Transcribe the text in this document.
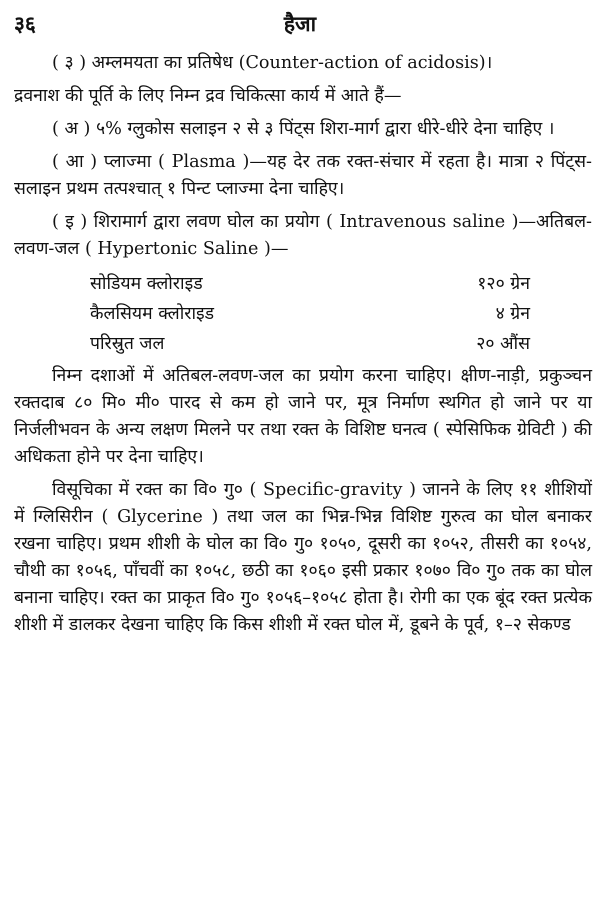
३६	हैजा

( ३ ) अम्लमयता का प्रतिषेध (Counter-action of acidosis)।

द्रवनाश की पूर्ति के लिए निम्न द्रव चिकित्सा कार्य में आते हैं—

( अ ) ५% ग्लुकोस सलाइन २ से ३ पिंट्स शिरा-मार्ग द्वारा धीरे-धीरे देना चाहिए ।

( आ ) प्लाज्मा ( Plasma )—यह देर तक रक्त-संचार में रहता है। मात्रा २ पिंट्स-सलाइन प्रथम तत्पश्चात् १ पिन्ट प्लाज्मा देना चाहिए।

( इ ) शिरामार्ग द्वारा लवण घोल का प्रयोग ( Intravenous saline )—अतिबल-लवण-जल ( Hypertonic Saline )—

सोडियम क्लोराइड	१२० ग्रेन
कैलसियम क्लोराइड	४ ग्रेन
परिस्रुत जल	२० औंस

निम्न दशाओं में अतिबल-लवण-जल का प्रयोग करना चाहिए। क्षीण-नाड़ी, प्रकुञ्चन रक्तदाब ८० मि० मी० पारद से कम हो जाने पर, मूत्र निर्माण स्थगित हो जाने पर या निर्जलीभवन के अन्य लक्षण मिलने पर तथा रक्त के विशिष्ट घनत्व ( स्पेसिफिक ग्रेविटी ) की अधिकता होने पर देना चाहिए।

विसूचिका में रक्त का वि० गु० ( Specific-gravity ) जानने के लिए ११ शीशियों में ग्लिसिरीन ( Glycerine ) तथा जल का भिन्न-भिन्न विशिष्ट गुरुत्व का घोल बनाकर रखना चाहिए। प्रथम शीशी के घोल का वि० गु० १०५०, दूसरी का १०५२, तीसरी का १०५४, चौथी का १०५६, पाँचवीं का १०५८, छठी का १०६० इसी प्रकार १०७० वि० गु० तक का घोल बनाना चाहिए। रक्त का प्राकृत वि० गु० १०५६–१०५८ होता है। रोगी का एक बूंद रक्त प्रत्येक शीशी में डालकर देखना चाहिए कि किस शीशी में रक्त घोल में, डूबने के पूर्व, १–२ सेकण्ड
